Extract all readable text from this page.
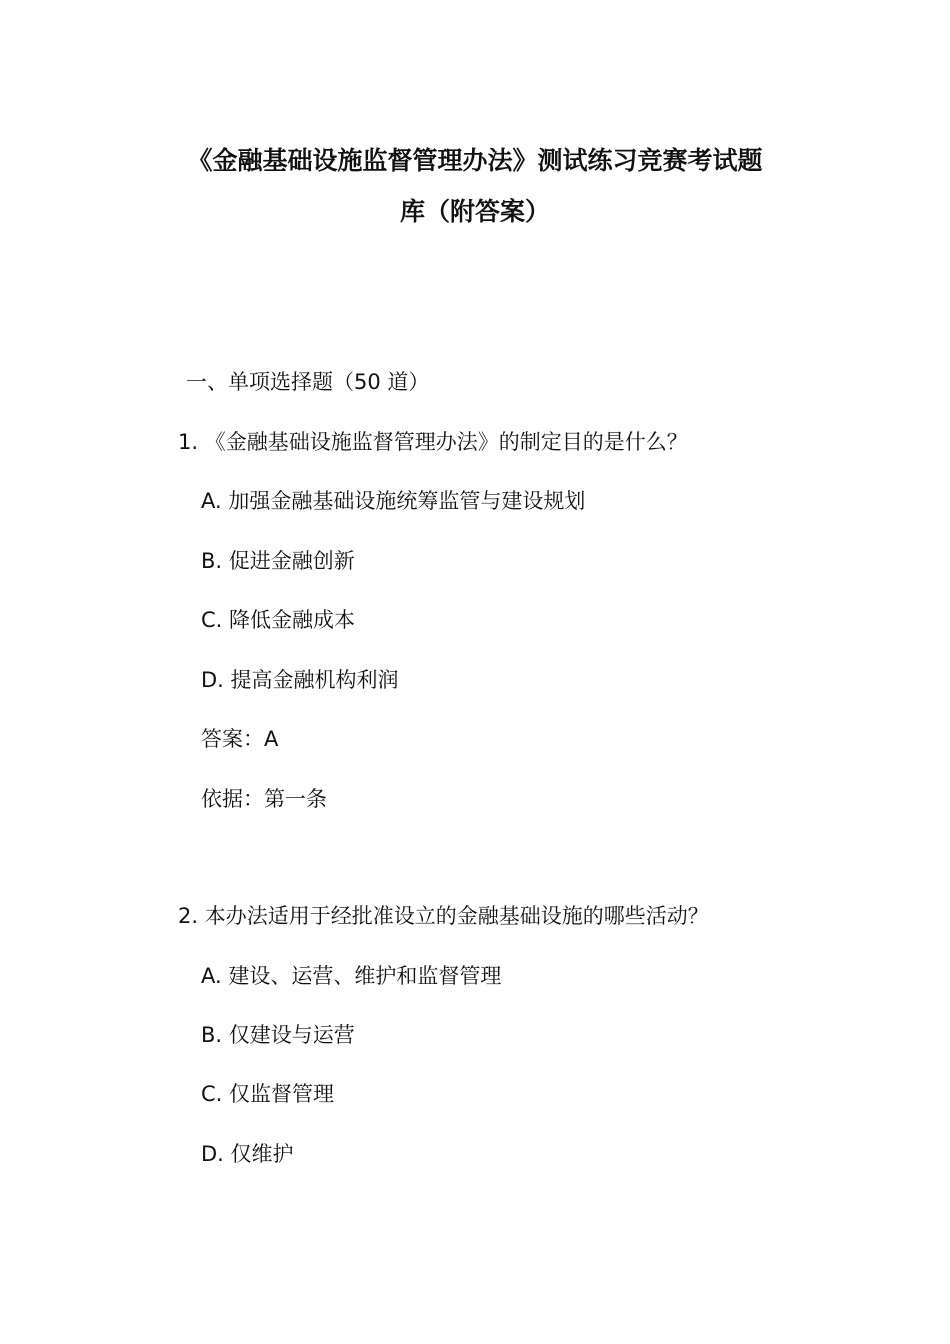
《金融基础设施监督管理办法》测试练习竞赛考试题
库（附答案）
一、单项选择题（50 道）
1. 《金融基础设施监督管理办法》的制定目的是什么？
A. 加强金融基础设施统筹监管与建设规划
B. 促进金融创新
C. 降低金融成本
D. 提高金融机构利润
答案：A
依据：第一条
2. 本办法适用于经批准设立的金融基础设施的哪些活动？
A. 建设、运营、维护和监督管理
B. 仅建设与运营
C. 仅监督管理
D. 仅维护
